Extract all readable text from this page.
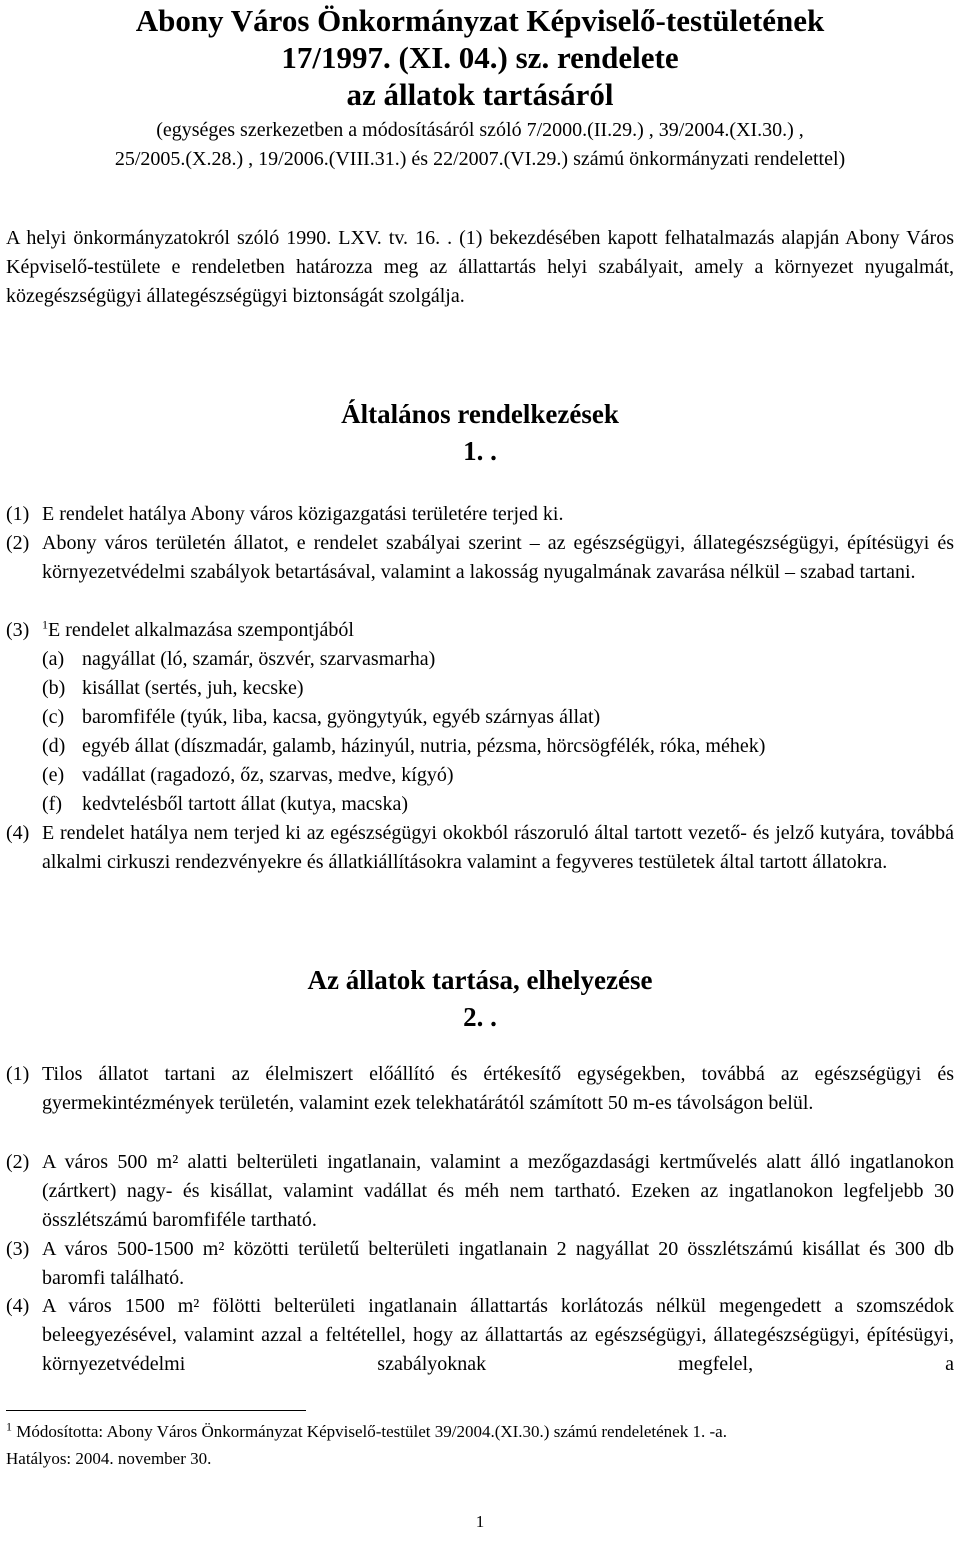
Abony Város Önkormányzat Képviselő-testületének

17/1997. (XI. 04.) sz. rendelete

az állatok tartásáról

(egységes szerkezetben a módosításáról szóló 7/2000.(II.29.) , 39/2004.(XI.30.) ,
25/2005.(X.28.) , 19/2006.(VIII.31.) és 22/2007.(VI.29.) számú önkormányzati rendelettel)
A helyi önkormányzatokról szóló 1990. LXV. tv. 16. . (1) bekezdésében kapott felhatalmazás alapján Abony Város Képviselő-testülete e rendeletben határozza meg az állattartás helyi szabályait, amely a környezet nyugalmát, közegészségügyi állategészségügyi biztonságát szolgálja.
Általános rendelkezések
1. .
(1) E rendelet hatálya Abony város közigazgatási területére terjed ki.
(2) Abony város területén állatot, e rendelet szabályai szerint – az egészségügyi, állategészségügyi, építésügyi és környezetvédelmi szabályok betartásával, valamint a lakosság nyugalmának zavarása nélkül – szabad tartani.
(3) $^1$E rendelet alkalmazása szempontjából
(a) nagyállat (ló, szamár, öszvér, szarvasmarha)
(b) kisállat (sertés, juh, kecske)
(c) baromfiféle (tyúk, liba, kacsa, gyöngytyúk, egyéb szárnyas állat)
(d) egyéb állat (díszmadár, galamb, házinyúl, nutria, pézsma, hörcsögfélék, róka, méhek)
(e) vadállat (ragadozó, őz, szarvas, medve, kígyó)
(f) kedvtelésből tartott állat (kutya, macska)
(4) E rendelet hatálya nem terjed ki az egészségügyi okokból rászoruló által tartott vezető- és jelző kutyára, továbbá alkalmi cirkuszi rendezvényekre és állatkiállításokra valamint a fegyveres testületek által tartott állatokra.
Az állatok tartása, elhelyezése
2. .
(1) Tilos állatot tartani az élelmiszert előállító és értékesítő egységekben, továbbá az egészségügyi és gyermekintézmények területén, valamint ezek telekhatárától számított 50 m-es távolságon belül.
(2) A város 500 m² alatti belterületi ingatlanain, valamint a mezőgazdasági kertművelés alatt álló ingatlanokon (zártkert) nagy- és kisállat, valamint vadállat és méh nem tartható. Ezeken az ingatlanokon legfeljebb 30 összlétszámú baromfiféle tartható.
(3) A város 500-1500 m² közötti területű belterületi ingatlanain 2 nagyállat 20 összlétszámú kisállat és 300 db baromfi található.
(4) A város 1500 m² fölötti belterületi ingatlanain állattartás korlátozás nélkül megengedett a szomszédok beleegyezésével, valamint azzal a feltétellel, hogy az állattartás az egészségügyi, állategészségügyi, építésügyi, környezetvédelmi szabályoknak megfelel, a
$^1$ Módosította: Abony Város Önkormányzat Képviselő-testület 39/2004.(XI.30.) számú rendeletének 1. -a.
Hatályos: 2004. november 30.
1
